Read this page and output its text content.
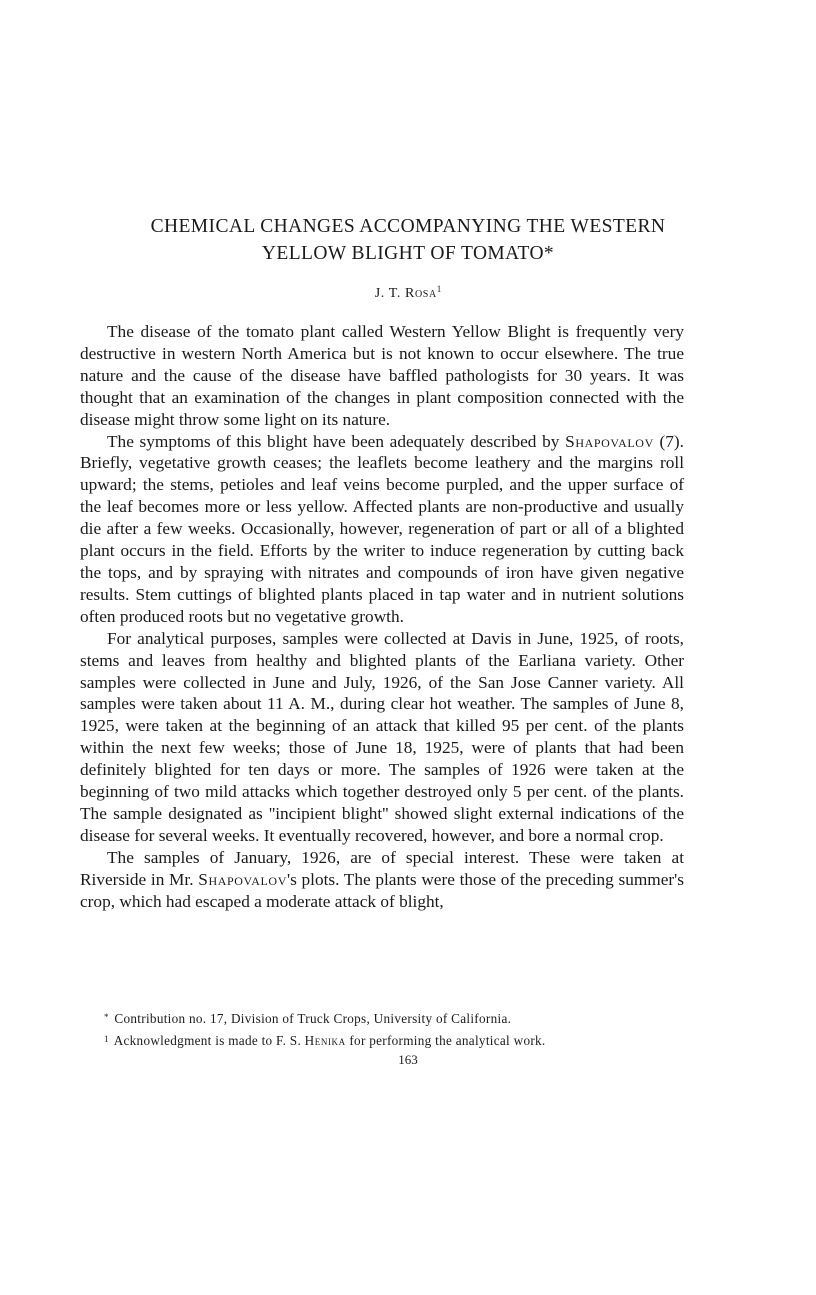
CHEMICAL CHANGES ACCOMPANYING THE WESTERN
YELLOW BLIGHT OF TOMATO*
J. T. Rosa$^1$

The disease of the tomato plant called Western Yellow Blight is frequently very destructive in western North America but is not known to occur elsewhere. The true nature and the cause of the disease have baffled pathologists for 30 years. It was thought that an examination of the changes in plant composition connected with the disease might throw some light on its nature.

The symptoms of this blight have been adequately described by Shapovalov (7). Briefly, vegetative growth ceases; the leaflets become leathery and the margins roll upward; the stems, petioles and leaf veins become purpled, and the upper surface of the leaf becomes more or less yellow. Affected plants are non-productive and usually die after a few weeks. Occasionally, however, regeneration of part or all of a blighted plant occurs in the field. Efforts by the writer to induce regeneration by cutting back the tops, and by spraying with nitrates and compounds of iron have given negative results. Stem cuttings of blighted plants placed in tap water and in nutrient solutions often produced roots but no vegetative growth.

For analytical purposes, samples were collected at Davis in June, 1925, of roots, stems and leaves from healthy and blighted plants of the Earliana variety. Other samples were collected in June and July, 1926, of the San Jose Canner variety. All samples were taken about 11 A. M., during clear hot weather. The samples of June 8, 1925, were taken at the beginning of an attack that killed 95 per cent. of the plants within the next few weeks; those of June 18, 1925, were of plants that had been definitely blighted for ten days or more. The samples of 1926 were taken at the beginning of two mild attacks which together destroyed only 5 per cent. of the plants. The sample designated as ''incipient blight'' showed slight external indications of the disease for several weeks. It eventually recovered, however, and bore a normal crop.

The samples of January, 1926, are of special interest. These were taken at Riverside in Mr. Shapovalov's plots. The plants were those of the preceding summer's crop, which had escaped a moderate attack of blight,

* Contribution no. 17, Division of Truck Crops, University of California.
$^1$ Acknowledgment is made to F. S. Henika for performing the analytical work.
163
